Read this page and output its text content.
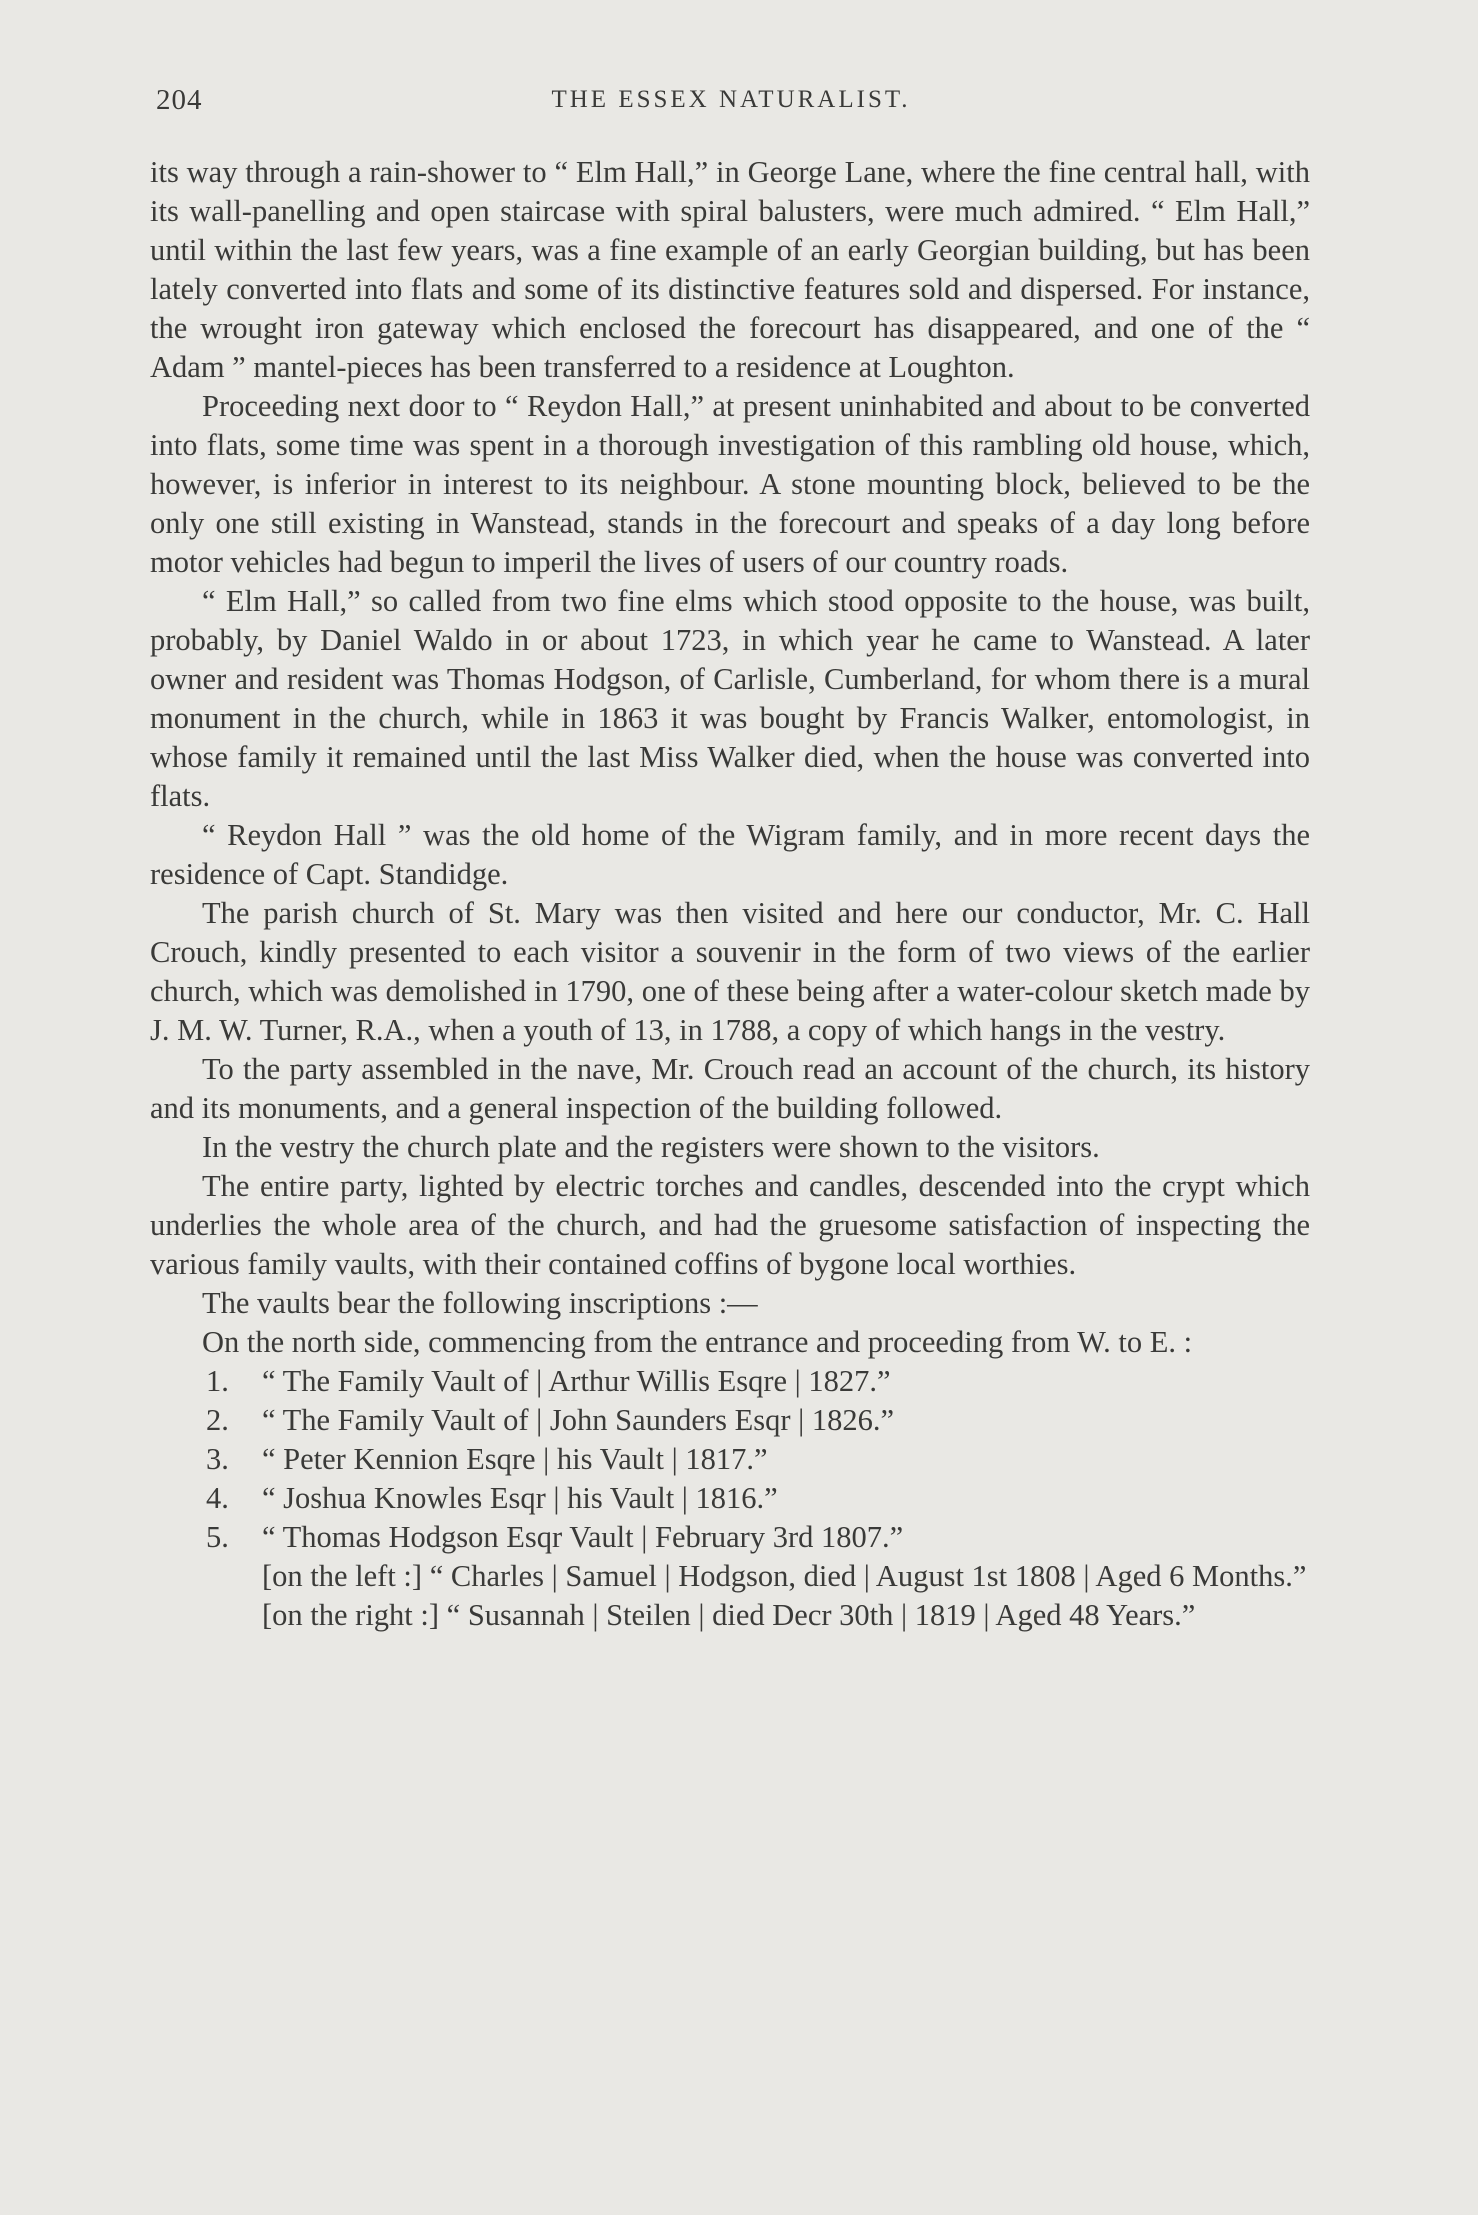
204	THE ESSEX NATURALIST.

its way through a rain-shower to “ Elm Hall,” in George Lane, where the fine central hall, with its wall-panelling and open staircase with spiral balusters, were much admired. “ Elm Hall,” until within the last few years, was a fine example of an early Georgian building, but has been lately converted into flats and some of its distinctive features sold and dispersed. For instance, the wrought iron gateway which enclosed the forecourt has disappeared, and one of the “ Adam ” mantel-pieces has been transferred to a residence at Loughton.

Proceeding next door to “ Reydon Hall,” at present uninhabited and about to be converted into flats, some time was spent in a thorough investigation of this rambling old house, which, however, is inferior in interest to its neighbour. A stone mounting block, believed to be the only one still existing in Wanstead, stands in the forecourt and speaks of a day long before motor vehicles had begun to imperil the lives of users of our country roads.

“ Elm Hall,” so called from two fine elms which stood opposite to the house, was built, probably, by Daniel Waldo in or about 1723, in which year he came to Wanstead. A later owner and resident was Thomas Hodgson, of Carlisle, Cumberland, for whom there is a mural monument in the church, while in 1863 it was bought by Francis Walker, entomologist, in whose family it remained until the last Miss Walker died, when the house was converted into flats.

“ Reydon Hall ” was the old home of the Wigram family, and in more recent days the residence of Capt. Standidge.

The parish church of St. Mary was then visited and here our conductor, Mr. C. Hall Crouch, kindly presented to each visitor a souvenir in the form of two views of the earlier church, which was demolished in 1790, one of these being after a water-colour sketch made by J. M. W. Turner, R.A., when a youth of 13, in 1788, a copy of which hangs in the vestry.

To the party assembled in the nave, Mr. Crouch read an account of the church, its history and its monuments, and a general inspection of the building followed.

In the vestry the church plate and the registers were shown to the visitors.

The entire party, lighted by electric torches and candles, descended into the crypt which underlies the whole area of the church, and had the gruesome satisfaction of inspecting the various family vaults, with their contained coffins of bygone local worthies.

The vaults bear the following inscriptions :—

On the north side, commencing from the entrance and proceeding from W. to E. :

1. “ The Family Vault of | Arthur Willis Esqre | 1827.”
2. “ The Family Vault of | John Saunders Esqr | 1826.”
3. “ Peter Kennion Esqre | his Vault | 1817.”
4. “ Joshua Knowles Esqr | his Vault | 1816.”
5. “ Thomas Hodgson Esqr Vault | February 3rd 1807.”
[on the left :] “ Charles | Samuel | Hodgson, died | August 1st 1808 | Aged 6 Months.”
[on the right :] “ Susannah | Steilen | died Decr 30th | 1819 | Aged 48 Years.”
